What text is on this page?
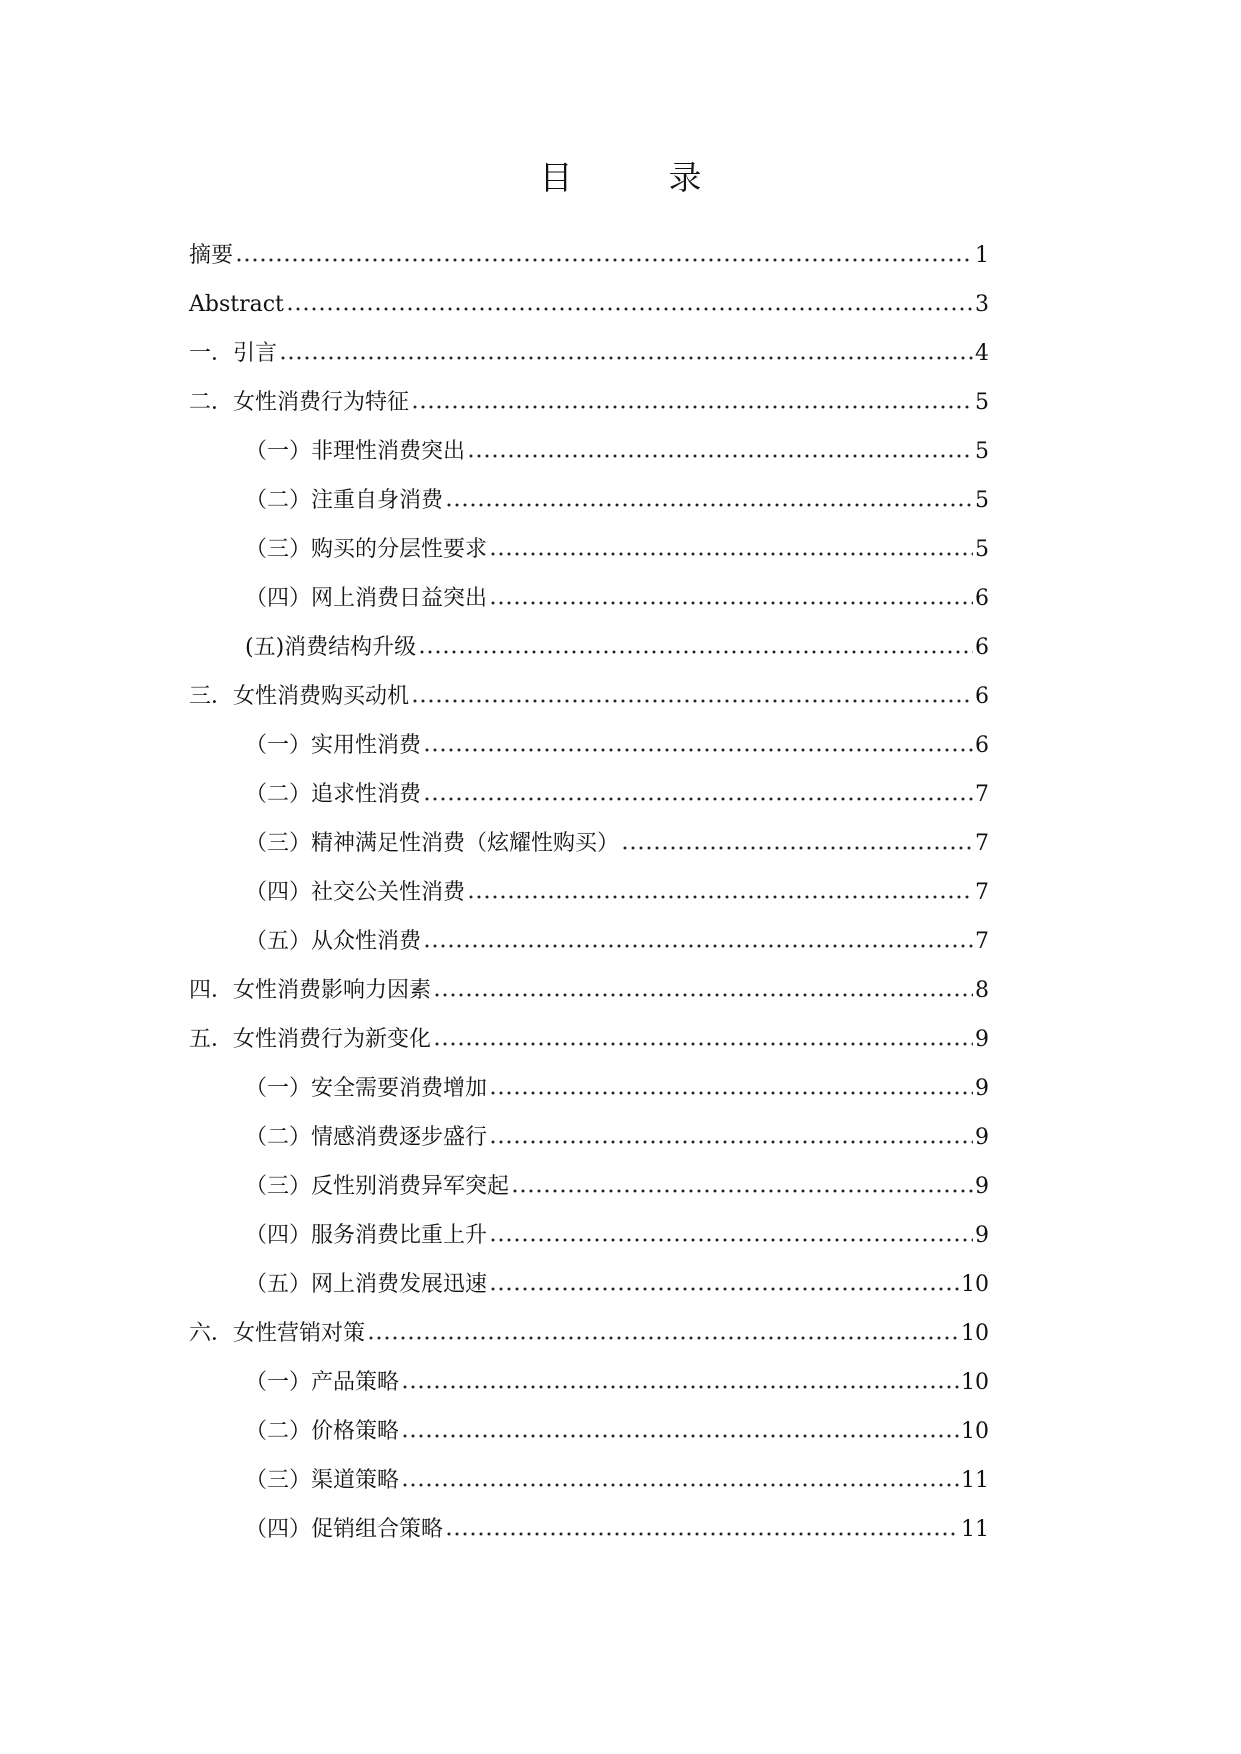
目录
摘要	1
Abstract	3
一．引言	4
二．女性消费行为特征	5
（一）非理性消费突出	5
（二）注重自身消费	5
（三）购买的分层性要求	5
（四）网上消费日益突出	6
(五)消费结构升级	6
三．女性消费购买动机	6
（一）实用性消费	6
（二）追求性消费	7
（三）精神满足性消费（炫耀性购买）	7
（四）社交公关性消费	7
（五）从众性消费	7
四．女性消费影响力因素	8
五．女性消费行为新变化	9
（一）安全需要消费增加	9
（二）情感消费逐步盛行	9
（三）反性别消费异军突起	9
（四）服务消费比重上升	9
（五）网上消费发展迅速	10
六．女性营销对策	10
（一）产品策略	10
（二）价格策略	10
（三）渠道策略	11
（四）促销组合策略	11
